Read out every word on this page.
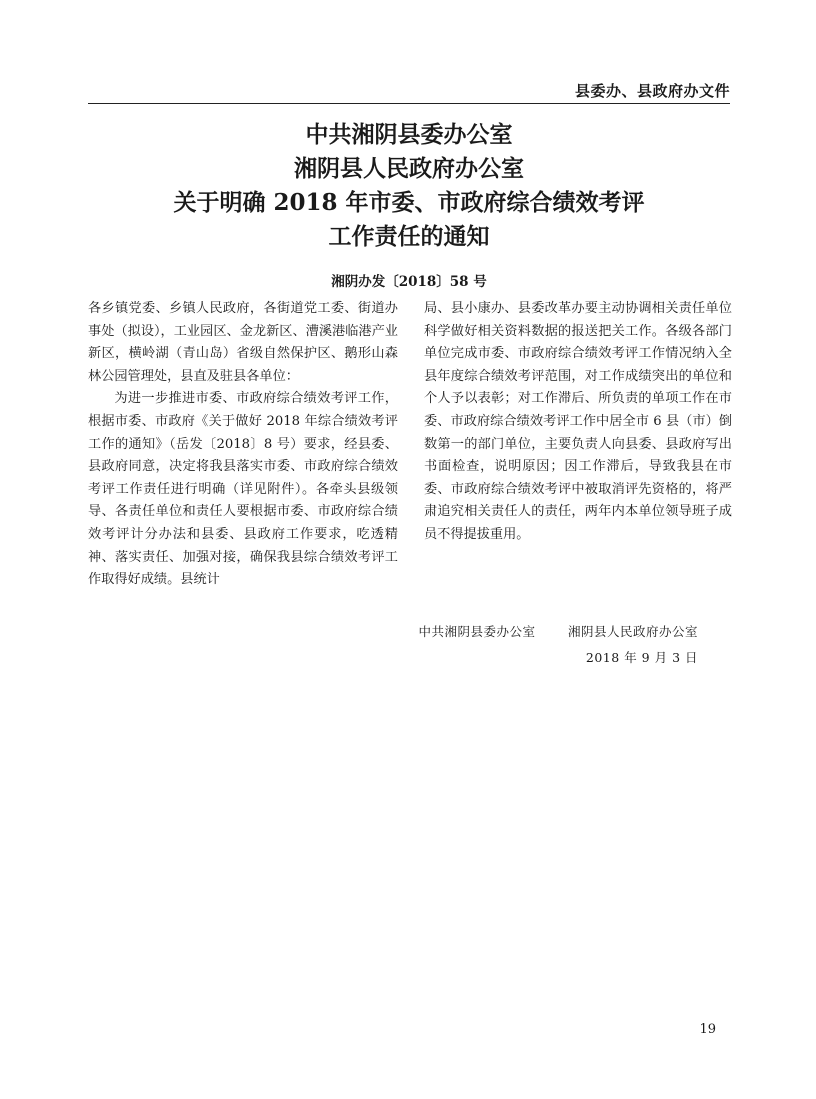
县委办、县政府办文件
中共湘阴县委办公室
湘阴县人民政府办公室
关于明确 2018 年市委、市政府综合绩效考评
工作责任的通知
湘阴办发〔2018〕58 号

各乡镇党委、乡镇人民政府，各街道党工委、街道办事处（拟设），工业园区、金龙新区、漕溪港临港产业新区，横岭湖（青山岛）省级自然保护区、鹅形山森林公园管理处，县直及驻县各单位：

为进一步推进市委、市政府综合绩效考评工作，根据市委、市政府《关于做好 2018 年综合绩效考评工作的通知》（岳发〔2018〕8 号）要求，经县委、县政府同意，决定将我县落实市委、市政府综合绩效考评工作责任进行明确（详见附件）。各牵头县级领导、各责任单位和责任人要根据市委、市政府综合绩效考评计分办法和县委、县政府工作要求，吃透精神、落实责任、加强对接，确保我县综合绩效考评工作取得好成绩。县统计

局、县小康办、县委改革办要主动协调相关责任单位科学做好相关资料数据的报送把关工作。各级各部门单位完成市委、市政府综合绩效考评工作情况纳入全县年度综合绩效考评范围，对工作成绩突出的单位和个人予以表彰；对工作滞后、所负责的单项工作在市委、市政府综合绩效考评工作中居全市 6 县（市）倒数第一的部门单位，主要负责人向县委、县政府写出书面检查，说明原因；因工作滞后，导致我县在市委、市政府综合绩效考评中被取消评先资格的，将严肃追究相关责任人的责任，两年内本单位领导班子成员不得提拔重用。

中共湘阴县委办公室	湘阴县人民政府办公室
2018 年 9 月 3 日
19
